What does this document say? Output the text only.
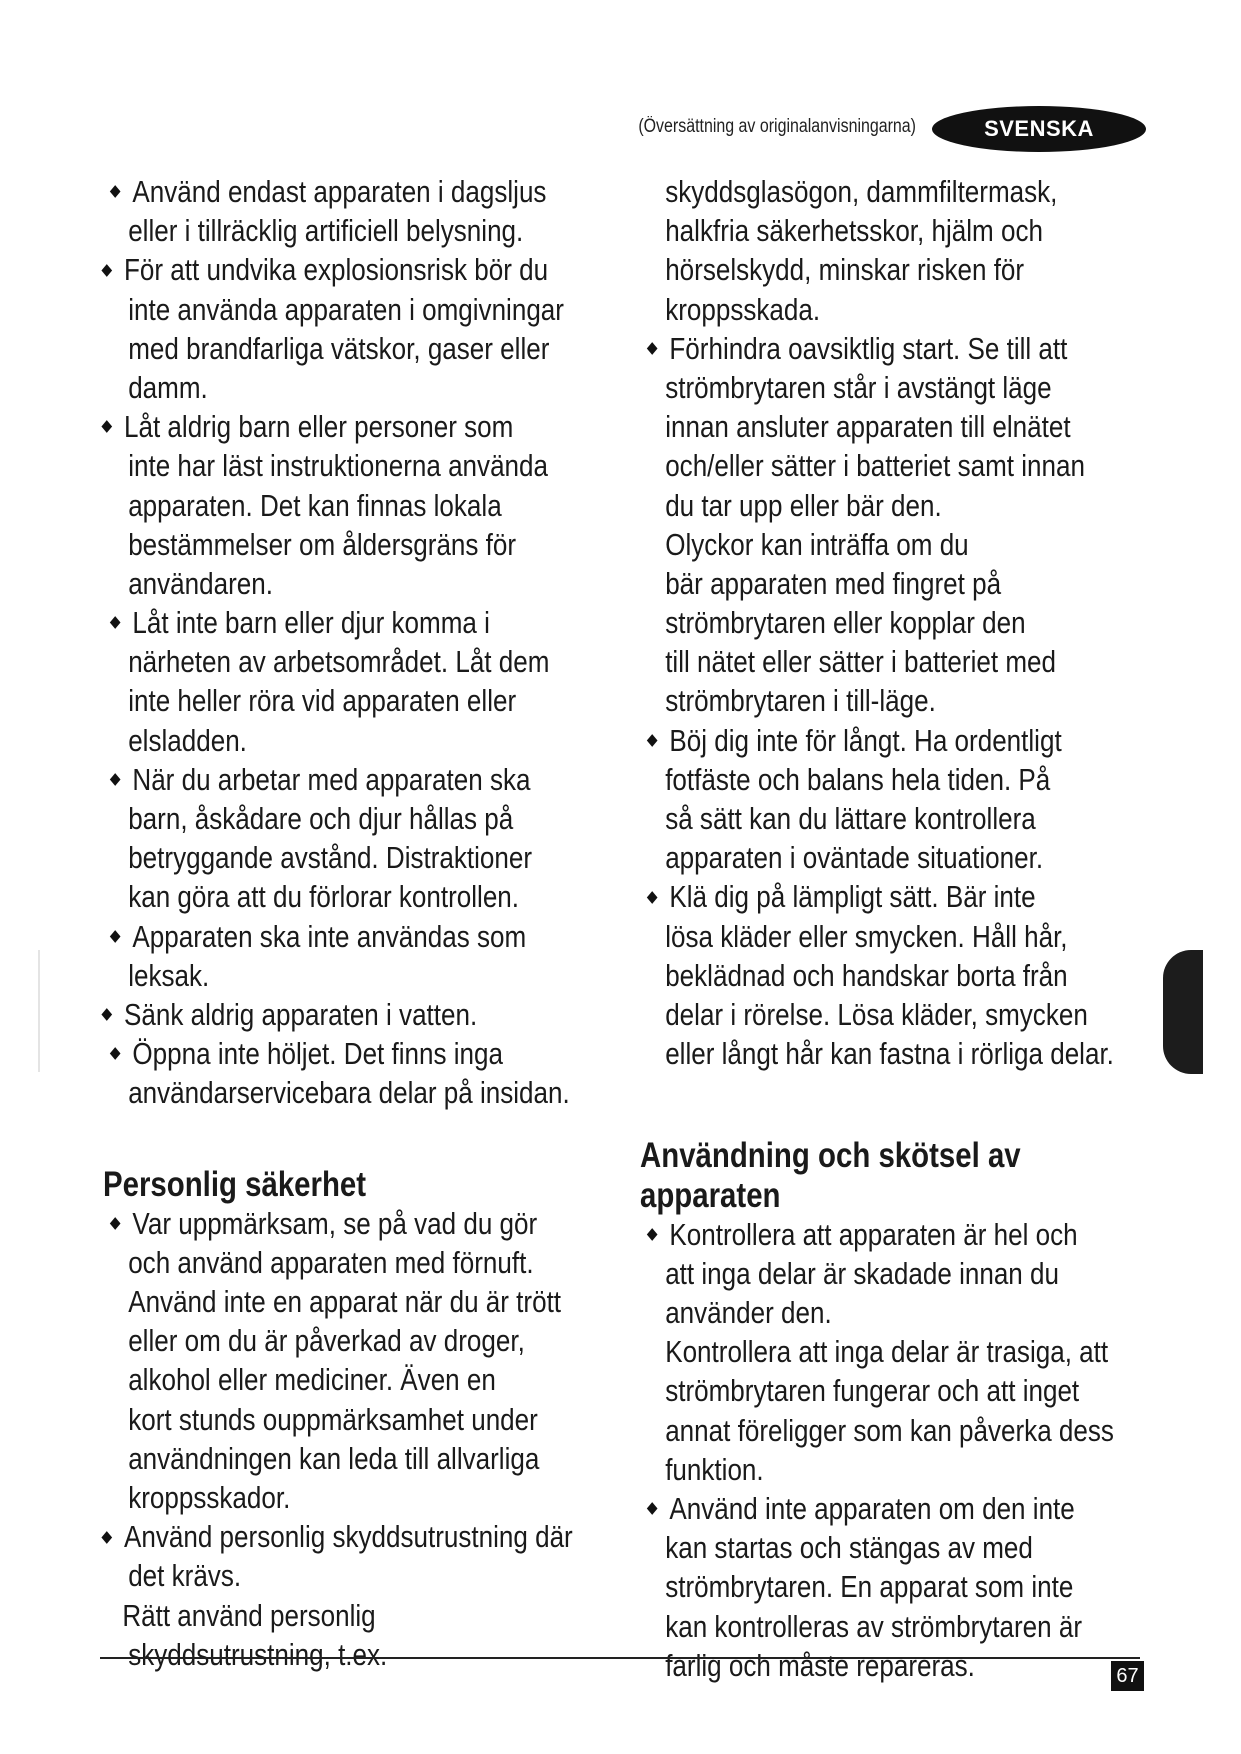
(Översättning av originalanvisningarna)	SVENSKA
Använd endast apparaten i dagsljus
eller i tillräcklig artificiell belysning.
För att undvika explosionsrisk bör du
inte använda apparaten i omgivningar
med brandfarliga vätskor, gaser eller
damm.
Låt aldrig barn eller personer som
inte har läst instruktionerna använda
apparaten. Det kan finnas lokala
bestämmelser om åldersgräns för
användaren.
Låt inte barn eller djur komma i
närheten av arbetsområdet. Låt dem
inte heller röra vid apparaten eller
elsladden.
När du arbetar med apparaten ska
barn, åskådare och djur hållas på
betryggande avstånd. Distraktioner
kan göra att du förlorar kontrollen.
Apparaten ska inte användas som
leksak.
Sänk aldrig apparaten i vatten.
Öppna inte höljet. Det finns inga
användarservicebara delar på insidan.
Personlig säkerhet
Var uppmärksam, se på vad du gör
och använd apparaten med förnuft.
Använd inte en apparat när du är trött
eller om du är påverkad av droger,
alkohol eller mediciner. Även en
kort stunds ouppmärksamhet under
användningen kan leda till allvarliga
kroppsskador.
Använd personlig skyddsutrustning där
det krävs.
Rätt använd personlig
skyddsutrustning, t.ex.
skyddsglasögon, dammfiltermask,
halkfria säkerhetsskor, hjälm och
hörselskydd, minskar risken för
kroppsskada.
Förhindra oavsiktlig start. Se till att
strömbrytaren står i avstängt läge
innan ansluter apparaten till elnätet
och/eller sätter i batteriet samt innan
du tar upp eller bär den.
Olyckor kan inträffa om du
bär apparaten med fingret på
strömbrytaren eller kopplar den
till nätet eller sätter i batteriet med
strömbrytaren i till-läge.
Böj dig inte för långt. Ha ordentligt
fotfäste och balans hela tiden. På
så sätt kan du lättare kontrollera
apparaten i oväntade situationer.
Klä dig på lämpligt sätt. Bär inte
lösa kläder eller smycken. Håll hår,
beklädnad och handskar borta från
delar i rörelse. Lösa kläder, smycken
eller långt hår kan fastna i rörliga delar.
Användning och skötsel av
apparaten
Kontrollera att apparaten är hel och
att inga delar är skadade innan du
använder den.
Kontrollera att inga delar är trasiga, att
strömbrytaren fungerar och att inget
annat föreligger som kan påverka dess
funktion.
Använd inte apparaten om den inte
kan startas och stängas av med
strömbrytaren. En apparat som inte
kan kontrolleras av strömbrytaren är
farlig och måste repareras.	67
